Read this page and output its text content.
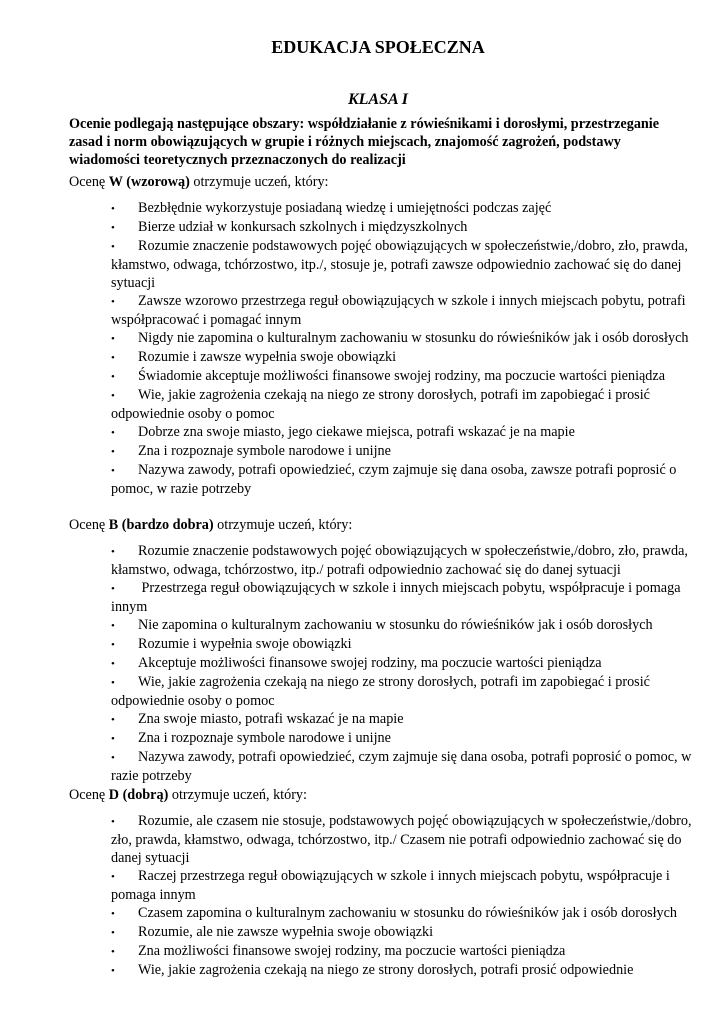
EDUKACJA SPOŁECZNA
KLASA I

Ocenie podlegają następujące obszary: współdziałanie z rówieśnikami i dorosłymi, przestrzeganie zasad i norm obowiązujących w grupie i różnych miejscach, znajomość zagrożeń, podstawy wiadomości teoretycznych przeznaczonych do realizacji

Ocenę W (wzorową) otrzymuje uczeń, który:

• Bezbłędnie wykorzystuje posiadaną wiedzę i umiejętności podczas zajęć
• Bierze udział w konkursach szkolnych i międzyszkolnych
• Rozumie znaczenie podstawowych pojęć obowiązujących w społeczeństwie,/dobro, zło, prawda, kłamstwo, odwaga, tchórzostwo, itp./, stosuje je, potrafi zawsze odpowiednio zachować się do danej sytuacji
• Zawsze wzorowo przestrzega reguł obowiązujących w szkole i innych miejscach pobytu, potrafi współpracować i pomagać innym
• Nigdy nie zapomina o kulturalnym zachowaniu w stosunku do rówieśników jak i osób dorosłych
• Rozumie i zawsze wypełnia swoje obowiązki
• Świadomie akceptuje możliwości finansowe swojej rodziny, ma poczucie wartości pieniądza
• Wie, jakie zagrożenia czekają na niego ze strony dorosłych, potrafi im zapobiegać i prosić odpowiednie osoby o pomoc
• Dobrze zna swoje miasto, jego ciekawe miejsca, potrafi wskazać je na mapie
• Zna i rozpoznaje symbole narodowe i unijne
• Nazywa zawody, potrafi opowiedzieć, czym zajmuje się dana osoba, zawsze potrafi poprosić o pomoc, w razie potrzeby

Ocenę B (bardzo dobra) otrzymuje uczeń, który:

• Rozumie znaczenie podstawowych pojęć obowiązujących w społeczeństwie,/dobro, zło, prawda, kłamstwo, odwaga, tchórzostwo, itp./ potrafi odpowiednio zachować się do danej sytuacji
• Przestrzega reguł obowiązujących w szkole i innych miejscach pobytu, współpracuje i pomaga innym
• Nie zapomina o kulturalnym zachowaniu w stosunku do rówieśników jak i osób dorosłych
• Rozumie i wypełnia swoje obowiązki
• Akceptuje możliwości finansowe swojej rodziny, ma poczucie wartości pieniądza
• Wie, jakie zagrożenia czekają na niego ze strony dorosłych, potrafi im zapobiegać i prosić odpowiednie osoby o pomoc
• Zna swoje miasto, potrafi wskazać je na mapie
• Zna i rozpoznaje symbole narodowe i unijne
• Nazywa zawody, potrafi opowiedzieć, czym zajmuje się dana osoba, potrafi poprosić o pomoc, w razie potrzeby

Ocenę D (dobrą) otrzymuje uczeń, który:

• Rozumie, ale czasem nie stosuje, podstawowych pojęć obowiązujących w społeczeństwie,/dobro, zło, prawda, kłamstwo, odwaga, tchórzostwo, itp./ Czasem nie potrafi odpowiednio zachować się do danej sytuacji
• Raczej przestrzega reguł obowiązujących w szkole i innych miejscach pobytu, współpracuje i pomaga innym
• Czasem zapomina o kulturalnym zachowaniu w stosunku do rówieśników jak i osób dorosłych
• Rozumie, ale nie zawsze wypełnia swoje obowiązki
• Zna możliwości finansowe swojej rodziny, ma poczucie wartości pieniądza
• Wie, jakie zagrożenia czekają na niego ze strony dorosłych, potrafi prosić odpowiednie
